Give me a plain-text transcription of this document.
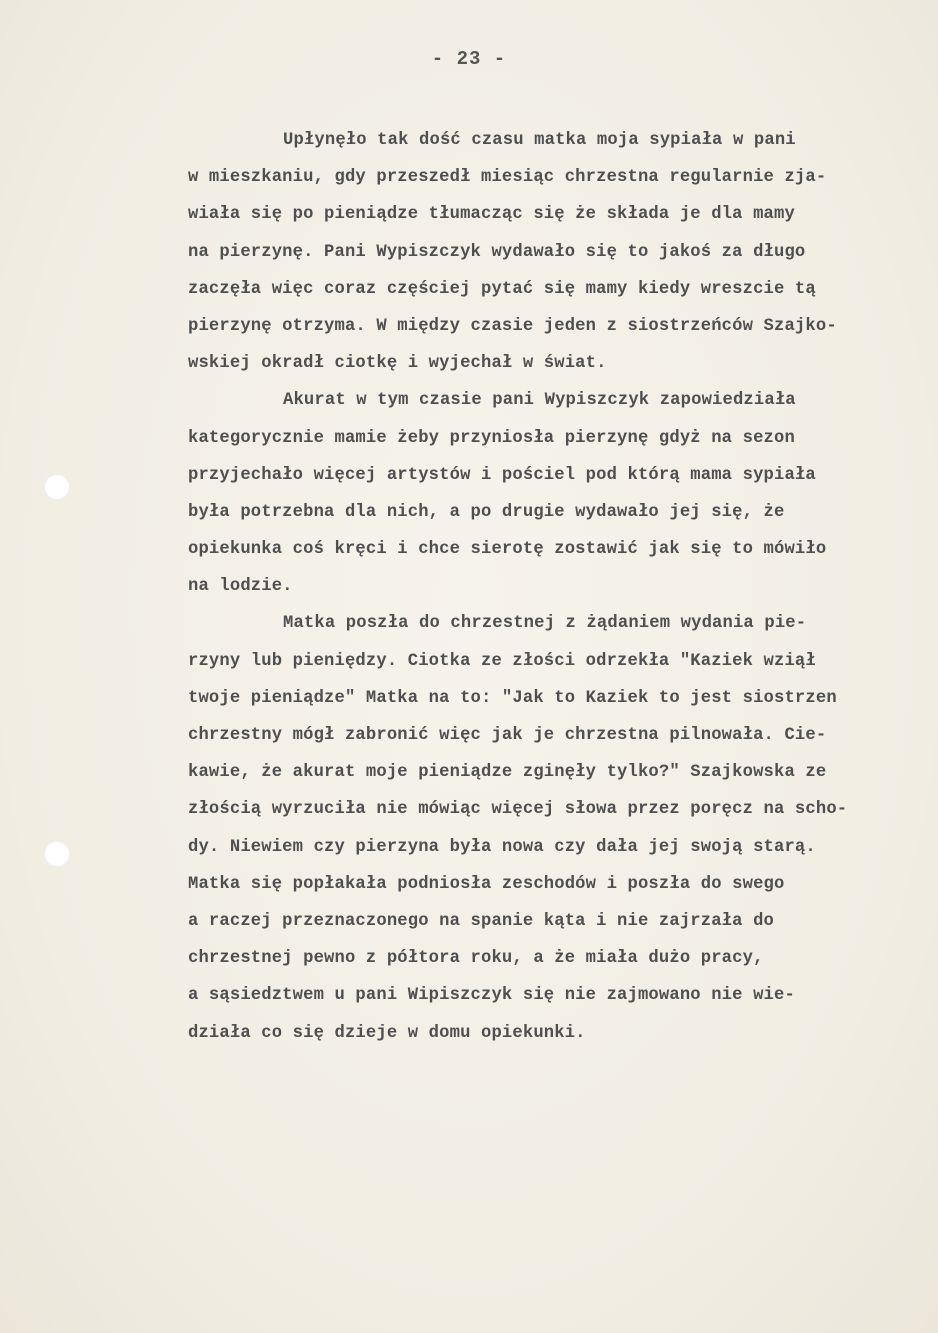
- 23 -
Upłynęło tak dość czasu matka moja sypiała w pani
w mieszkaniu, gdy przeszedł miesiąc chrzestna regularnie zja-
wiała się po pieniądze tłumacząc się że składa je dla mamy
na pierzynę. Pani Wypiszczyk wydawało się to jakoś za długo
zaczęła więc coraz częściej pytać się mamy kiedy wreszcie tą
pierzynę otrzyma. W między czasie jeden z siostrzeńców Szajko-
wskiej okradł ciotkę i wyjechał w świat.
Akurat w tym czasie pani Wypiszczyk zapowiedziała
kategorycznie mamie żeby przyniosła pierzynę gdyż na sezon
przyjechało więcej artystów i pościel pod którą mama sypiała
była potrzebna dla nich, a po drugie wydawało jej się, że
opiekunka coś kręci i chce sierotę zostawić jak się to mówiło
na lodzie.
Matka poszła do chrzestnej z żądaniem wydania pie-
rzyny lub pieniędzy. Ciotka ze złości odrzekła "Kaziek wziął
twoje pieniądze" Matka na to: "Jak to Kaziek to jest siostrzen
chrzestny mógł zabronić więc jak je chrzestna pilnowała. Cie-
kawie, że akurat moje pieniądze zginęły tylko?" Szajkowska ze
złością wyrzuciła nie mówiąc więcej słowa przez poręcz na scho-
dy. Niewiem czy pierzyna była nowa czy dała jej swoją starą.
Matka się popłakała podniosła zeschodów i poszła do swego
a raczej przeznaczonego na spanie kąta i nie zajrzała do
chrzestnej pewno z półtora roku, a że miała dużo pracy,
a sąsiedztwem u pani Wipiszczyk się nie zajmowano nie wie-
działa co się dzieje w domu opiekunki.
